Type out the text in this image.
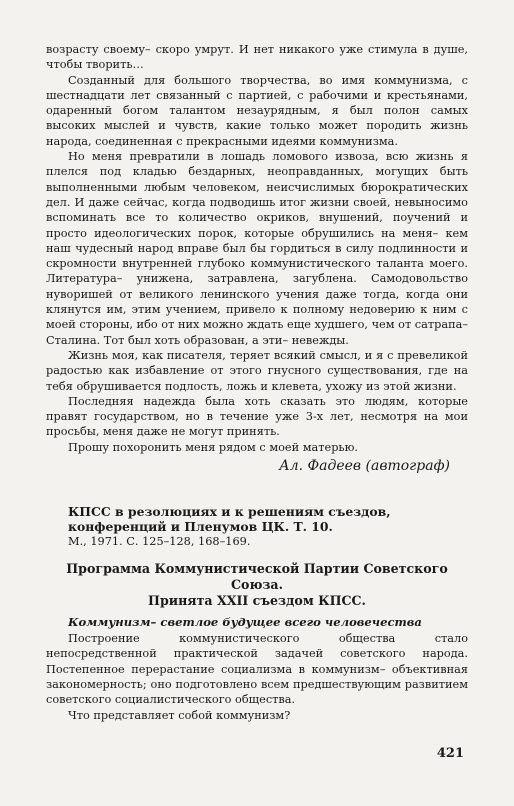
возрасту своему– скоро умрут. И нет никакого уже стимула в душе, чтобы творить…

Созданный для большого творчества, во имя коммунизма, с шестнадцати лет связанный с партией, с рабочими и крестьянами, одаренный богом талантом незаурядным, я был полон самых высоких мыслей и чувств, какие только может породить жизнь народа, соединенная с прекрасными идеями коммунизма.

Но меня превратили в лошадь ломового извоза, всю жизнь я плелся под кладью бездарных, неоправданных, могущих быть выполненными любым человеком, неисчислимых бюрократических дел. И даже сейчас, когда подводишь итог жизни своей, невыносимо вспоминать все то количество окриков, внушений, поучений и просто идеологических порок, которые обрушились на меня– кем наш чудесный народ вправе был бы гордиться в силу подлинности и скромности внутренней глубоко коммунистического таланта моего. Литература– унижена, затравлена, загублена. Самодовольство нуворишей от великого ленинского учения даже тогда, когда они клянутся им, этим учением, привело к полному недоверию к ним с моей стороны, ибо от них можно ждать еще худшего, чем от сатрапа– Сталина. Тот был хоть образован, а эти– невежды.

Жизнь моя, как писателя, теряет всякий смысл, и я с превеликой радостью как избавление от этого гнусного существования, где на тебя обрушивается подлость, ложь и клевета, ухожу из этой жизни.

Последняя надежда была хоть сказать это людям, которые правят государством, но в течение уже 3-х лет, несмотря на мои просьбы, меня даже не могут принять.

Прошу похоронить меня рядом с моей матерью.

Ал. Фадеев (автограф)

КПСС в резолюциях и к решениям съездов, конференций и Пленумов ЦК. Т. 10.

М., 1971. С. 125–128, 168–169.

Программа Коммунистической Партии Советского Союза.
Принята XXII съездом КПСС.

Коммунизм– светлое будущее всего человечества

Построение коммунистического общества стало непосредственной практической задачей советского народа. Постепенное перерастание социализма в коммунизм– объективная закономерность; оно подготовлено всем предшествующим развитием советского социалистического общества.

Что представляет собой коммунизм?

421
